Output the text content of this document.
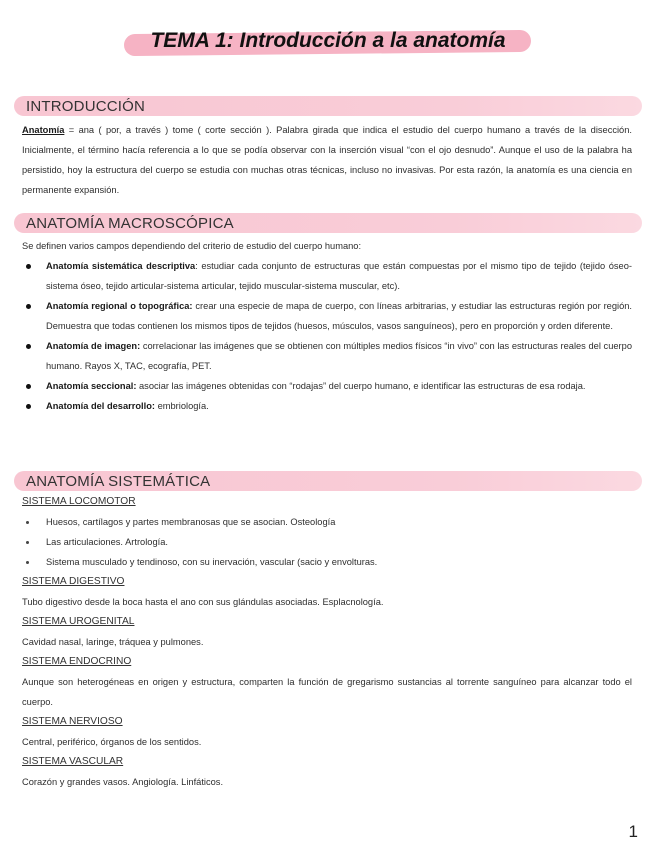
TEMA 1: Introducción a la anatomía
INTRODUCCIÓN
Anatomía = ana ( por, a través ) tome ( corte sección ). Palabra girada que indica el estudio del cuerpo humano a través de la disección. Inicialmente, el término hacía referencia a lo que se podía observar con la inserción visual “con el ojo desnudo”. Aunque el uso de la palabra ha persistido, hoy la estructura del cuerpo se estudia con muchas otras técnicas, incluso no invasivas. Por esta razón, la anatomía es una ciencia en permanente expansión.
ANATOMÍA MACROSCÓPICA
Se definen varios campos dependiendo del criterio de estudio del cuerpo humano:
Anatomía sistemática descriptiva: estudiar cada conjunto de estructuras que están compuestas por el mismo tipo de tejido (tejido óseo-sistema óseo, tejido articular-sistema articular, tejido muscular-sistema muscular, etc).
Anatomía regional o topográfica: crear una especie de mapa de cuerpo, con líneas arbitrarias, y estudiar las estructuras región por región. Demuestra que todas contienen los mismos tipos de tejidos (huesos, músculos, vasos sanguíneos), pero en proporción y orden diferente.
Anatomía de imagen: correlacionar las imágenes que se obtienen con múltiples medios físicos “in vivo” con las estructuras reales del cuerpo humano. Rayos X, TAC, ecografía, PET.
Anatomía seccional: asociar las imágenes obtenidas con “rodajas” del cuerpo humano, e identificar las estructuras de esa rodaja.
Anatomía del desarrollo: embriología.
ANATOMÍA SISTEMÁTICA
SISTEMA LOCOMOTOR
Huesos, cartílagos y partes membranosas que se asocian. Osteología
Las articulaciones. Artrología.
Sistema musculado y tendinoso, con su inervación, vascular (sacio y envolturas.
SISTEMA DIGESTIVO
Tubo digestivo desde la boca hasta el ano con sus glándulas asociadas. Esplacnología.
SISTEMA UROGENITAL
Cavidad nasal, laringe, tráquea y pulmones.
SISTEMA ENDOCRINO
Aunque son heterogéneas en origen y estructura, comparten la función de gregarismo sustancias al torrente sanguíneo para alcanzar todo el cuerpo.
SISTEMA NERVIOSO
Central, periférico, órganos de los sentidos.
SISTEMA VASCULAR
Corazón y grandes vasos. Angiología. Linfáticos.
1
